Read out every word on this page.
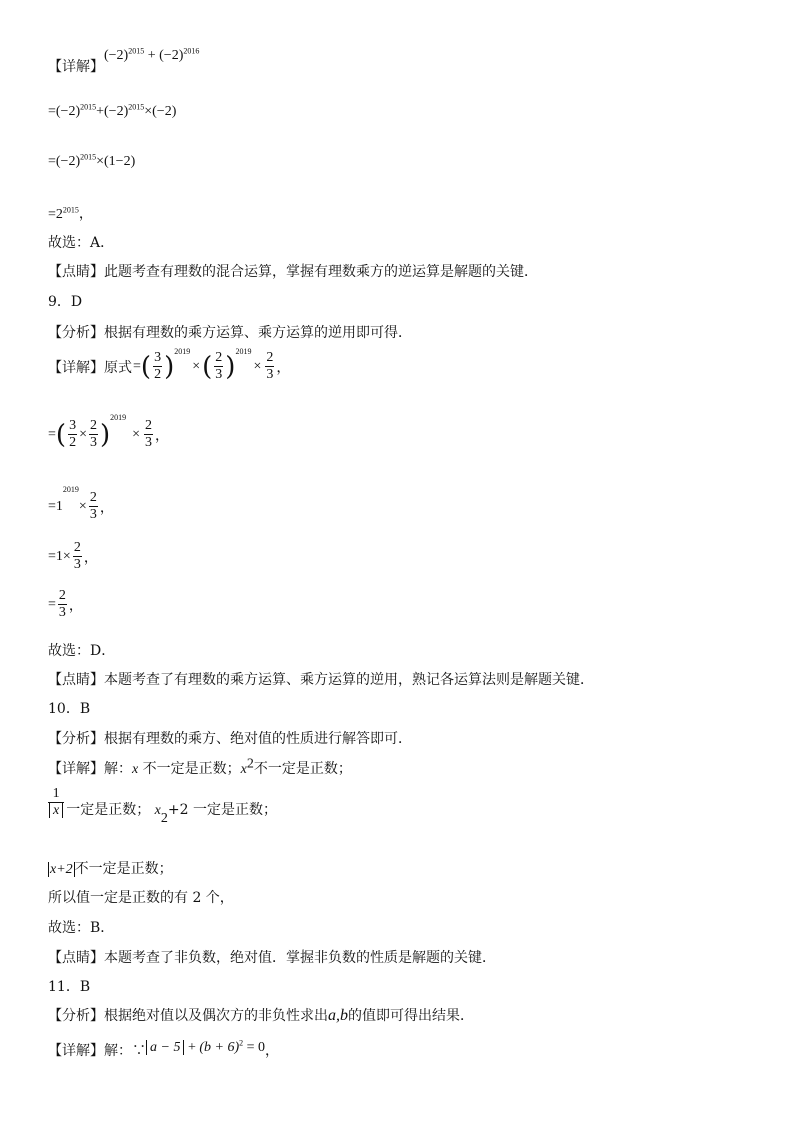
【详解】$(-2)^{2015} + (-2)^{2016}$
$=(-2)^{2015}+(-2)^{2015}\times(-2)$
$=(-2)^{2015}\times(1-2)$
$=2^{2015}$，
故选：A．
【点睛】此题考查有理数的混合运算，掌握有理数乘方的逆运算是解题的关键．
9．D
【分析】根据有理数的乘方运算、乘方运算的逆用即可得．
【详解】 原式 = ( $\frac{3}{2}$ ) 2019
× ( $\frac{2}{3}$ ) 2019
× $\frac{2}{3}$ ，
= ( $\frac{3}{2} \times \frac{2}{3}$ )
2019
× $\frac{2}{3}$ ，
= 1
2019
× $\frac{2}{3}$ ，
= $1\times \frac{2}{3}$ ，
= $\frac{2}{3}$ ，
故选：D．
【点睛】本题考查了有理数的乘方运算、乘方运算的逆用，熟记各运算法则是解题关键．
10．B
【分析】根据有理数的乘方、绝对值的性质进行解答即可．
【详解】解：x 不一定是正数；$x^2$不一定是正数；
$\frac{1}{x}$ 一定是正数；
x
2
+2 一定是正数；
x+2 不一定是正数；
所以值一定是正数的有 2 个，
故选：B．
【点睛】本题考查了非负数，绝对值．掌握非负数的性质是解题的关键．
11．B
【分析】根据绝对值以及偶次方的非负性求出a,b的值即可得出结果．
【详解】解：∵ $a - 5 + (b + 6)^2 = 0$，
